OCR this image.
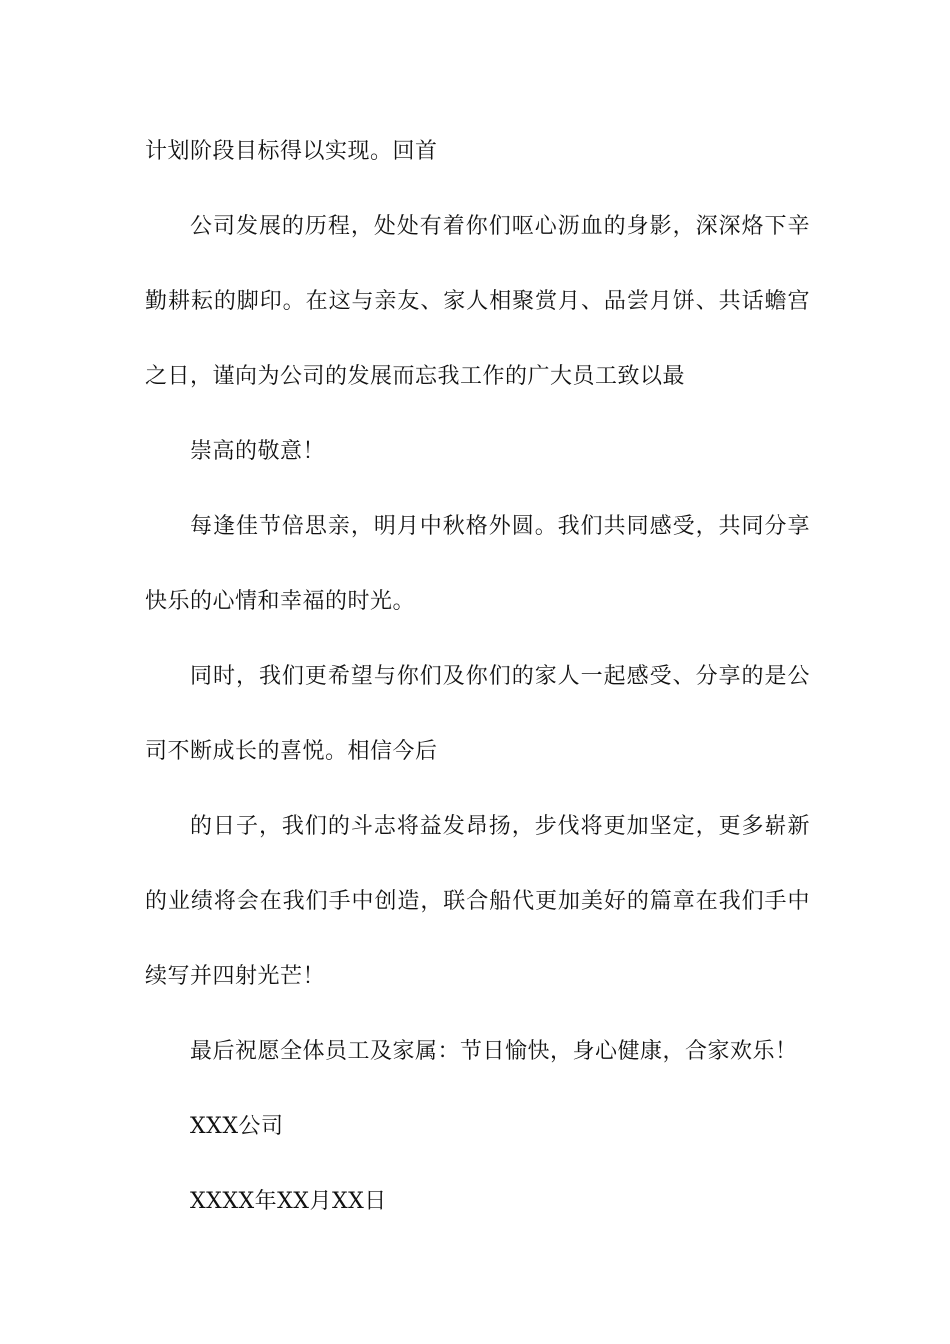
计划阶段目标得以实现。回首
公司发展的历程，处处有着你们呕心沥血的身影，深深烙下辛
勤耕耘的脚印。在这与亲友、家人相聚赏月、品尝月饼、共话蟾宫
之日，谨向为公司的发展而忘我工作的广大员工致以最
崇高的敬意！
每逢佳节倍思亲，明月中秋格外圆。我们共同感受，共同分享
快乐的心情和幸福的时光。
同时，我们更希望与你们及你们的家人一起感受、分享的是公
司不断成长的喜悦。相信今后
的日子，我们的斗志将益发昂扬，步伐将更加坚定，更多崭新
的业绩将会在我们手中创造，联合船代更加美好的篇章在我们手中
续写并四射光芒！
最后祝愿全体员工及家属：节日愉快，身心健康，合家欢乐！
XXX公司
XXXX年XX月XX日
